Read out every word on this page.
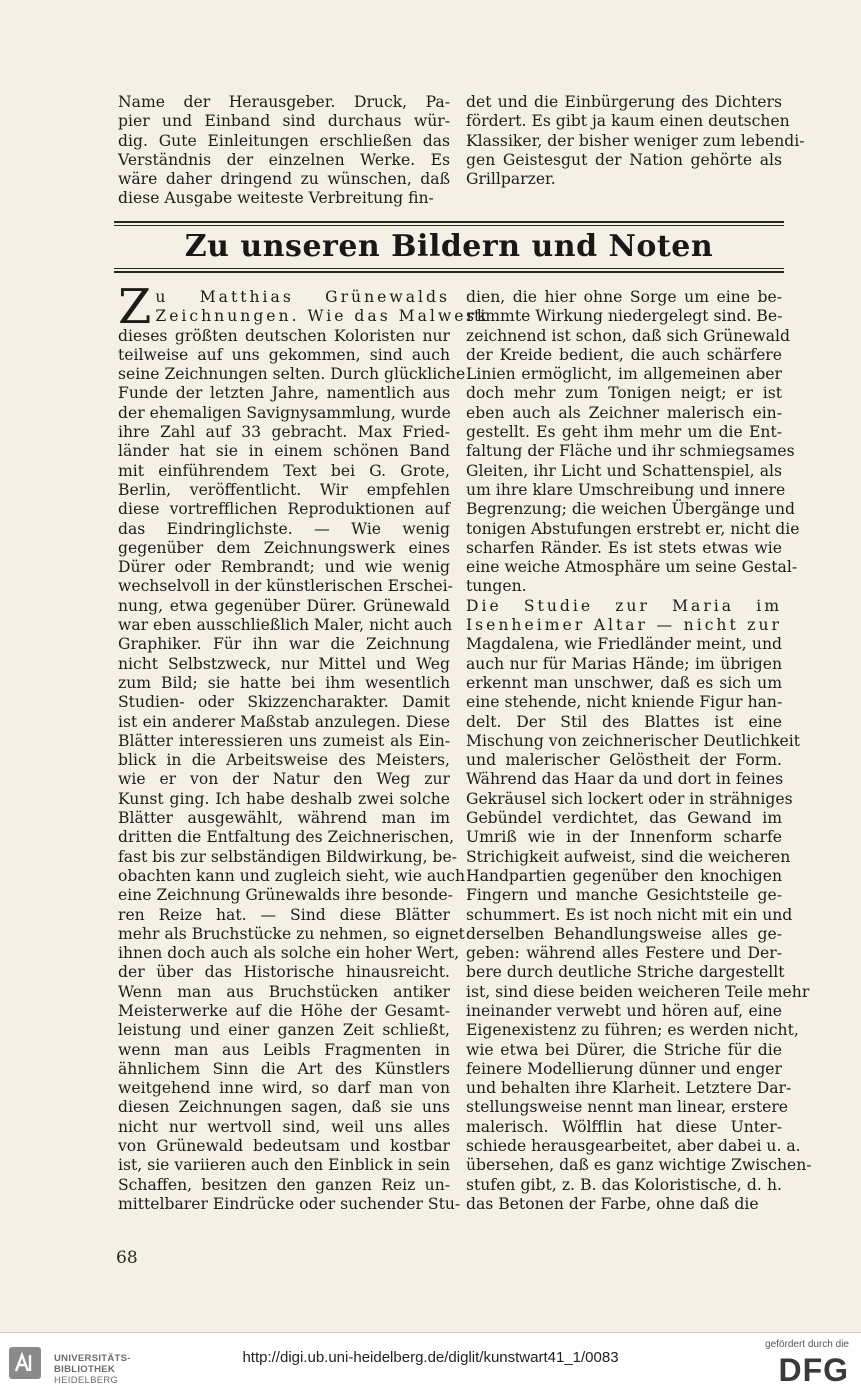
Name der Herausgeber. Druck, Pa-
pier und Einband sind durchaus wür-
dig. Gute Einleitungen erschließen das
Verständnis der einzelnen Werke. Es
wäre daher dringend zu wünschen, daß
diese Ausgabe weiteste Verbreitung fin-
det und die Einbürgerung des Dichters
fördert. Es gibt ja kaum einen deutschen
Klassiker, der bisher weniger zum lebendi-
gen Geistesgut der Nation gehörte als
Grillparzer.
Zu unseren Bildern und Noten
Z u Matthias Grünewalds
Zeichnungen. Wie das Malwerk
dieses größten deutschen Koloristen nur
teilweise auf uns gekommen, sind auch
seine Zeichnungen selten. Durch glückliche
Funde der letzten Jahre, namentlich aus
der ehemaligen Savignysammlung, wurde
ihre Zahl auf 33 gebracht. Max Fried-
länder hat sie in einem schönen Band
mit einführendem Text bei G. Grote,
Berlin, veröffentlicht. Wir empfehlen
diese vortrefflichen Reproduktionen auf
das Eindringlichste. — Wie wenig
gegenüber dem Zeichnungswerk eines
Dürer oder Rembrandt; und wie wenig
wechselvoll in der künstlerischen Erschei-
nung, etwa gegenüber Dürer. Grünewald
war eben ausschließlich Maler, nicht auch
Graphiker. Für ihn war die Zeichnung
nicht Selbstzweck, nur Mittel und Weg
zum Bild; sie hatte bei ihm wesentlich
Studien- oder Skizzencharakter. Damit
ist ein anderer Maßstab anzulegen. Diese
Blätter interessieren uns zumeist als Ein-
blick in die Arbeitsweise des Meisters,
wie er von der Natur den Weg zur
Kunst ging. Ich habe deshalb zwei solche
Blätter ausgewählt, während man im
dritten die Entfaltung des Zeichnerischen,
fast bis zur selbständigen Bildwirkung, be-
obachten kann und zugleich sieht, wie auch
eine Zeichnung Grünewalds ihre besonde-
ren Reize hat. — Sind diese Blätter
mehr als Bruchstücke zu nehmen, so eignet
ihnen doch auch als solche ein hoher Wert,
der über das Historische hinausreicht.
Wenn man aus Bruchstücken antiker
Meisterwerke auf die Höhe der Gesamt-
leistung und einer ganzen Zeit schließt,
wenn man aus Leibls Fragmenten in
ähnlichem Sinn die Art des Künstlers
weitgehend inne wird, so darf man von
diesen Zeichnungen sagen, daß sie uns
nicht nur wertvoll sind, weil uns alles
von Grünewald bedeutsam und kostbar
ist, sie variieren auch den Einblick in sein
Schaffen, besitzen den ganzen Reiz un-
mittelbarer Eindrücke oder suchender Stu-
dien, die hier ohne Sorge um eine be-
stimmte Wirkung niedergelegt sind. Be-
zeichnend ist schon, daß sich Grünewald
der Kreide bedient, die auch schärfere
Linien ermöglicht, im allgemeinen aber
doch mehr zum Tonigen neigt; er ist
eben auch als Zeichner malerisch ein-
gestellt. Es geht ihm mehr um die Ent-
faltung der Fläche und ihr schmiegsames
Gleiten, ihr Licht und Schattenspiel, als
um ihre klare Umschreibung und innere
Begrenzung; die weichen Übergänge und
tonigen Abstufungen erstrebt er, nicht die
scharfen Ränder. Es ist stets etwas wie
eine weiche Atmosphäre um seine Gestal-
tungen.
Die Studie zur Maria im
Isenheimer Altar — nicht zur
Magdalena, wie Friedländer meint, und
auch nur für Marias Hände; im übrigen
erkennt man unschwer, daß es sich um
eine stehende, nicht kniende Figur han-
delt. Der Stil des Blattes ist eine
Mischung von zeichnerischer Deutlichkeit
und malerischer Gelöstheit der Form.
Während das Haar da und dort in feines
Gekräusel sich lockert oder in strähniges
Gebündel verdichtet, das Gewand im
Umriß wie in der Innenform scharfe
Strichigkeit aufweist, sind die weicheren
Handpartien gegenüber den knochigen
Fingern und manche Gesichtsteile ge-
schummert. Es ist noch nicht mit ein und
derselben Behandlungsweise alles ge-
geben: während alles Festere und Der-
bere durch deutliche Striche dargestellt
ist, sind diese beiden weicheren Teile mehr
ineinander verwebt und hören auf, eine
Eigenexistenz zu führen; es werden nicht,
wie etwa bei Dürer, die Striche für die
feinere Modellierung dünner und enger
und behalten ihre Klarheit. Letztere Dar-
stellungsweise nennt man linear, erstere
malerisch. Wölfflin hat diese Unter-
schiede herausgearbeitet, aber dabei u. a.
übersehen, daß es ganz wichtige Zwischen-
stufen gibt, z. B. das Koloristische, d. h.
das Betonen der Farbe, ohne daß die
68
UNIVERSITÄTS-
BIBLIOTHEK
HEIDELBERG
http://digi.ub.uni-heidelberg.de/diglit/kunstwart41_1/0083
gefördert durch die
DFG
